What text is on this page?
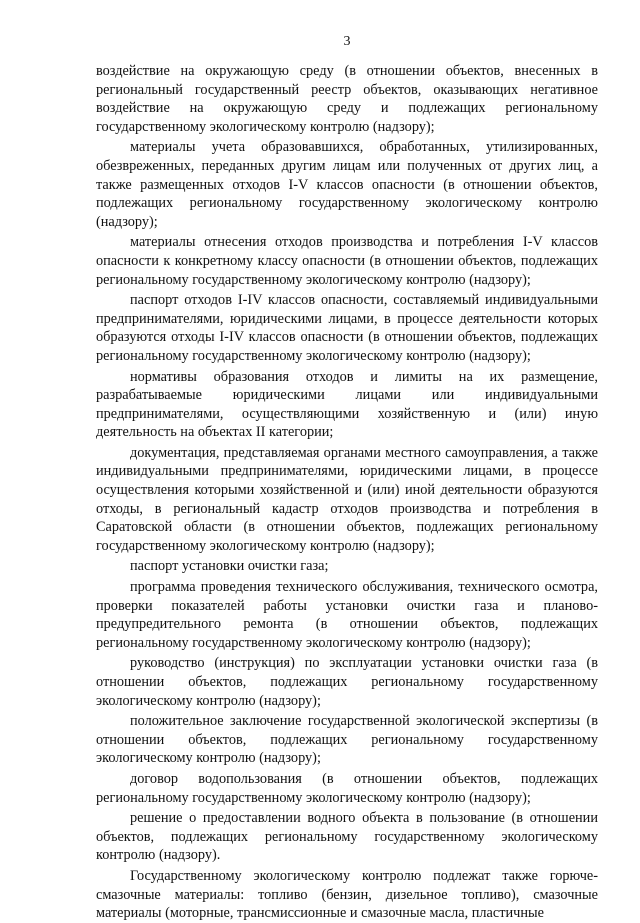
3

воздействие на окружающую среду (в отношении объектов, внесенных в региональный государственный реестр объектов, оказывающих негативное воздействие на окружающую среду и подлежащих региональному государственному экологическому контролю (надзору);

материалы учета образовавшихся, обработанных, утилизированных, обезвреженных, переданных другим лицам или полученных от других лиц, а также размещенных отходов I-V классов опасности (в отношении объектов, подлежащих региональному государственному экологическому контролю (надзору);

материалы отнесения отходов производства и потребления I-V классов опасности к конкретному классу опасности (в отношении объектов, подлежащих региональному государственному экологическому контролю (надзору);

паспорт отходов I-IV классов опасности, составляемый индивидуальными предпринимателями, юридическими лицами, в процессе деятельности которых образуются отходы I-IV классов опасности (в отношении объектов, подлежащих региональному государственному экологическому контролю (надзору);

нормативы образования отходов и лимиты на их размещение, разрабатываемые юридическими лицами или индивидуальными предпринимателями, осуществляющими хозяйственную и (или) иную деятельность на объектах II категории;

документация, представляемая органами местного самоуправления, а также индивидуальными предпринимателями, юридическими лицами, в процессе осуществления которыми хозяйственной и (или) иной деятельности образуются отходы, в региональный кадастр отходов производства и потребления в Саратовской области (в отношении объектов, подлежащих региональному государственному экологическому контролю (надзору);

паспорт установки очистки газа;

программа проведения технического обслуживания, технического осмотра, проверки показателей работы установки очистки газа и планово-предупредительного ремонта (в отношении объектов, подлежащих региональному государственному экологическому контролю (надзору);

руководство (инструкция) по эксплуатации установки очистки газа (в отношении объектов, подлежащих региональному государственному экологическому контролю (надзору);

положительное заключение государственной экологической экспертизы (в отношении объектов, подлежащих региональному государственному экологическому контролю (надзору);

договор водопользования (в отношении объектов, подлежащих региональному государственному экологическому контролю (надзору);

решение о предоставлении водного объекта в пользование (в отношении объектов, подлежащих региональному государственному экологическому контролю (надзору).

Государственному экологическому контролю подлежат также горюче-смазочные материалы: топливо (бензин, дизельное топливо), смазочные материалы (моторные, трансмиссионные и смазочные масла, пластичные
